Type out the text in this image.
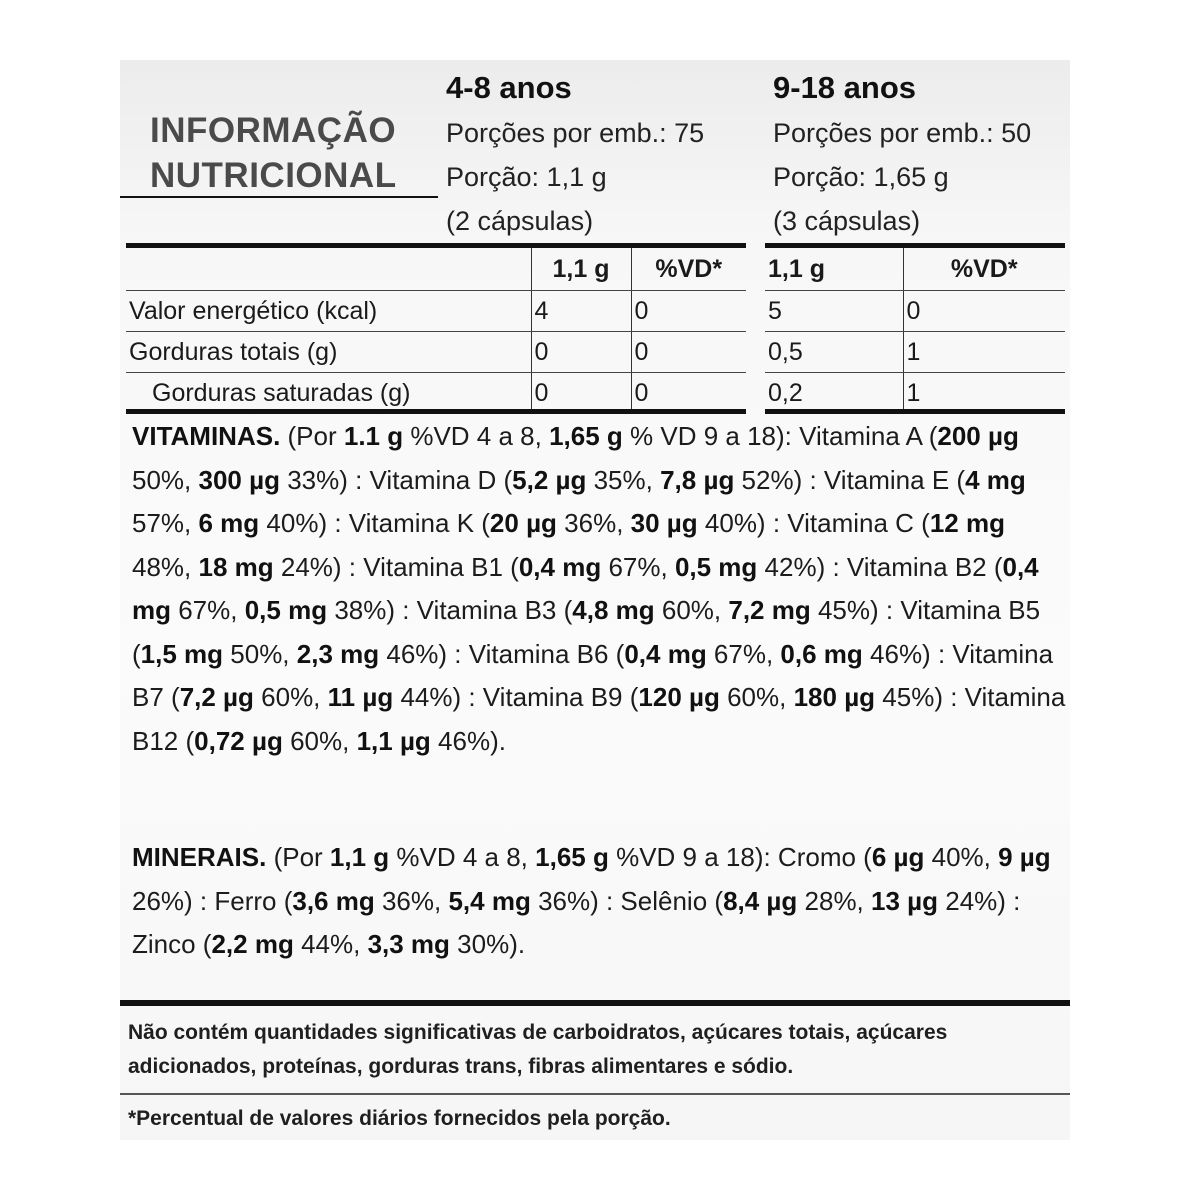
INFORMAÇÃO
NUTRICIONAL
4-8 anos
Porções por emb.: 75
Porção: 1,1 g
(2 cápsulas)
9-18 anos
Porções por emb.: 50
Porção: 1,65 g
(3 cápsulas)
	1,1 g	%VD*
Valor energético (kcal)	4	0
Gorduras totais (g)	0	0
Gorduras saturadas (g)	0	0
1,1 g	%VD*
5	0
0,5	1
0,2	1
VITAMINAS. (Por 1.1 g %VD 4 a 8, 1,65 g % VD 9 a 18): Vitamina A (200 µg 50%, 300 µg 33%) : Vitamina D (5,2 µg 35%, 7,8 µg 52%) : Vitamina E (4 mg 57%, 6 mg 40%) : Vitamina K (20 µg 36%, 30 µg 40%) : Vitamina C (12 mg 48%, 18 mg 24%) : Vitamina B1 (0,4 mg 67%, 0,5 mg 42%) : Vitamina B2 (0,4 mg 67%, 0,5 mg 38%) : Vitamina B3 (4,8 mg 60%, 7,2 mg 45%) : Vitamina B5 (1,5 mg 50%, 2,3 mg 46%) : Vitamina B6 (0,4 mg 67%, 0,6 mg 46%) : Vitamina B7 (7,2 µg 60%, 11 µg 44%) : Vitamina B9 (120 µg 60%, 180 µg 45%) : Vitamina B12 (0,72 µg 60%, 1,1 µg 46%).
MINERAIS. (Por 1,1 g %VD 4 a 8, 1,65 g %VD 9 a 18): Cromo (6 µg 40%, 9 µg 26%) : Ferro (3,6 mg 36%, 5,4 mg 36%) : Selênio (8,4 µg 28%, 13 µg 24%) : Zinco (2,2 mg 44%, 3,3 mg 30%).
Não contém quantidades significativas de carboidratos, açúcares totais, açúcares
adicionados, proteínas, gorduras trans, fibras alimentares e sódio.
*Percentual de valores diários fornecidos pela porção.
